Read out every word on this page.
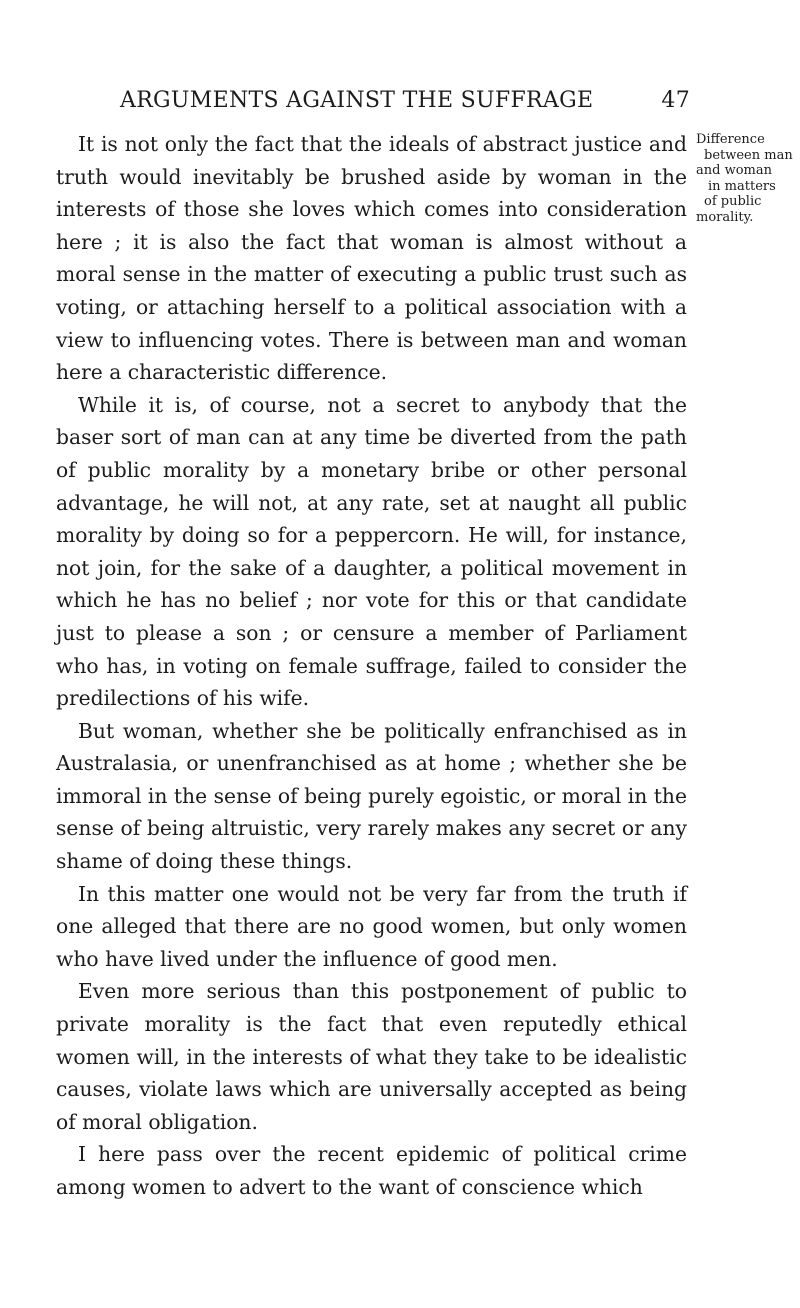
ARGUMENTS AGAINST THE SUFFRAGE	47

It is not only the fact that the ideals of abstract justice and truth would inevitably be brushed aside by woman in the interests of those she loves which comes into consideration here ; it is also the fact that woman is almost without a moral sense in the matter of executing a public trust such as voting, or attaching herself to a political association with a view to influencing votes. There is between man and woman here a characteristic difference.

While it is, of course, not a secret to anybody that the baser sort of man can at any time be diverted from the path of public morality by a monetary bribe or other personal advantage, he will not, at any rate, set at naught all public morality by doing so for a peppercorn. He will, for instance, not join, for the sake of a daughter, a political movement in which he has no belief ; nor vote for this or that candidate just to please a son ; or censure a member of Parliament who has, in voting on female suffrage, failed to consider the predilections of his wife.

But woman, whether she be politically enfranchised as in Australasia, or unenfranchised as at home ; whether she be immoral in the sense of being purely egoistic, or moral in the sense of being altruistic, very rarely makes any secret or any shame of doing these things.

In this matter one would not be very far from the truth if one alleged that there are no good women, but only women who have lived under the influence of good men.

Even more serious than this postponement of public to private morality is the fact that even reputedly ethical women will, in the interests of what they take to be idealistic causes, violate laws which are universally accepted as being of moral obligation.

I here pass over the recent epidemic of political crime among women to advert to the want of conscience which

Difference
between man
and woman
in matters
of public
morality.
